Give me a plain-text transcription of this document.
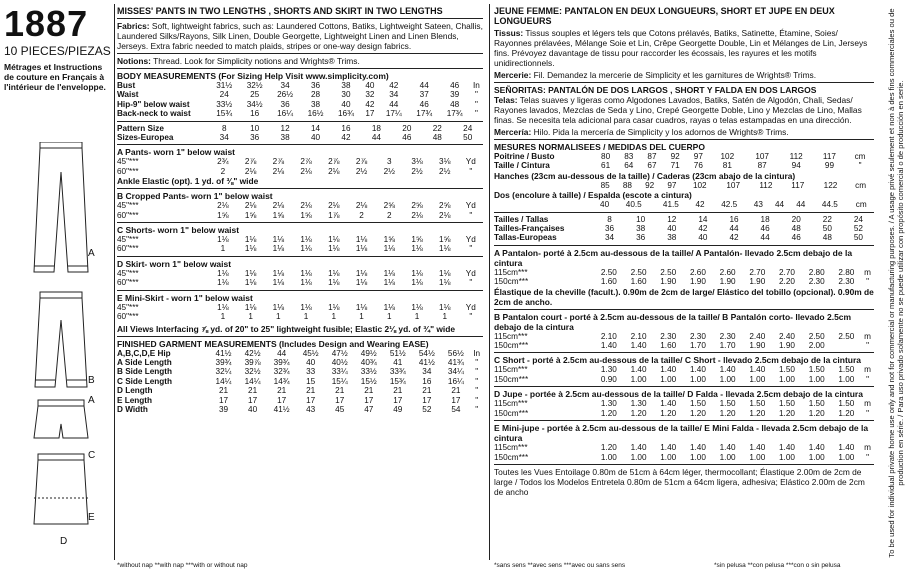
1887
10 PIECES/PIEZAS
Métrages et Instructions de couture en Français à l'intérieur de l'enveloppe.
A
B
A
C
E
D
MISSES' PANTS IN TWO LENGTHS , SHORTS AND SKIRT IN TWO LENGTHS
Fabrics: Soft, lightweight fabrics, such as: Laundered Cottons, Batiks, Lightweight Sateen, Challis, Laundered Silks/Rayons, Silk Linen, Double Georgette, Lightweight Linen and Linen Blends, Jerseys. Extra fabric needed to match plaids, stripes or one-way design fabrics.
Notions: Thread. Look for Simplicity notions and Wrights® Trims.
BODY MEASUREMENTS (For Sizing Help Visit www.simplicity.com)
Bust	31½	32½	34	36	38	40	42	44	46	In
Waist	24	25	26½	28	30	32	34	37	39	"
Hip-9" below waist	33½	34½	36	38	40	42	44	46	48	"
Back-neck to waist	15¾	16	16¼	16½	16¾	17	17¼	17¾	17¾	"
Pattern Size	8	10	12	14	16	18	20	22	24	
Sizes-Europea	34	36	38	40	42	44	46	48	50	
A Pants- worn 1" below waist
45"***	2¾	2⅞	2⅞	2⅞	2⅞	2⅞	3	3⅛	3⅛	Yd
60"***	2	2⅛	2⅛	2⅛	2⅛	2½	2½	2½	2½	"
Ankle Elastic (opt). 1 yd. of ⅜" wide
B Cropped Pants- worn 1" below waist
45"***	2⅛	2⅛	2⅛	2⅛	2⅛	2⅛	2⅝	2⅝	2⅝	Yd
60"***	1⅝	1⅝	1⅝	1⅝	1⅞	2	2	2⅛	2⅛	"
C Shorts- worn 1" below waist
45"***	1⅛	1⅛	1⅛	1⅛	1⅛	1⅛	1⅝	1⅝	1⅝	Yd
60"***	1	1⅛	1⅛	1⅛	1⅛	1⅛	1⅛	1⅛	1⅛	"
D Skirt- worn 1" below waist
45"***	1⅛	1⅛	1⅛	1⅛	1⅛	1⅛	1⅛	1⅛	1⅛	Yd
60"***	1⅛	1⅛	1⅛	1⅛	1⅛	1⅛	1⅛	1⅛	1⅛	"
E Mini-Skirt - worn 1" below waist
45"***	1⅛	1⅛	1⅛	1⅛	1⅛	1⅛	1⅛	1⅛	1⅛	Yd
60"***	1	1	1	1	1	1	1	1	1	"
All Views Interfacing ⅞ yd. of 20" to 25" lightweight fusible; Elastic 2⅛ yd. of ¾" wide
FINISHED GARMENT MEASUREMENTS (Includes Design and Wearing EASE)
A,B,C,D,E Hip	41½	42½	44	45½	47½	49½	51½	54½	56½	In
A Side Length	39¾	39⅞	39¾	40	40½	40¾	41	41½	41¾	"
B Side Length	32¼	32½	32¾	33	33¼	33½	33¾	34	34¼	"
C Side Length	14¼	14¼	14¾	15	15¼	15½	15¾	16	16¼	"
D Length	21	21	21	21	21	21	21	21	21	"
E Length	17	17	17	17	17	17	17	17	17	"
D Width	39	40	41½	43	45	47	49	52	54	"
*without nap **with nap ***with or without nap
JEUNE FEMME: PANTALON EN DEUX LONGUEURS, SHORT ET JUPE EN DEUX LONGUEURS
Tissus: Tissus souples et légers tels que Cotons prélavés, Batiks, Satinette, Étamine, Soies/ Rayonnes prélavées, Mélange Soie et Lin, Crêpe Georgette Double, Lin et Mélanges de Lin, Jerseys fins. Prévoyez davantage de tissu pour raccorder les écossais, les rayures et les motifs unidirectionnels.
Mercerie: Fil. Demandez la mercerie de Simplicity et les garnitures de Wrights® Trims.
SEÑORITAS: PANTALÓN DE DOS LARGOS , SHORT Y FALDA EN DOS LARGOS
Telas: Telas suaves y ligeras como Algodones Lavados, Batiks, Satén de Algodón, Chali, Sedas/ Rayones lavados, Mezclas de Seda y Lino, Crepé Georgette Doble, Lino y Mezclas de Lino, Mallas finas. Se necesita tela adicional para casar cuadros, rayas o telas estampadas en una dirección.
Mercería: Hilo. Pida la mercería de Simplicity y los adornos de Wrights® Trims.
MESURES NORMALISEES / MEDIDAS DEL CUERPO
Poitrine / Busto	80	83	87	92	97	102	107	112	117	cm
Taille / Cintura	61	64	67	71	76	81	87	94	99	"
Hanches (23cm au-dessous de la taille) / Caderas (23cm abajo de la cintura)
	85	88	92	97	102	107	112	117	122	cm
Dos (encolure à taille) / Espalda (escote a cintura)
	40	40.5	41.5	42	42.5	43	44	44	44.5	cm
Tailles / Tallas	8	10	12	14	16	18	20	22	24	
Tailles-Françaises	36	38	40	42	44	46	48	50	52	
Tallas-Europeas	34	36	38	40	42	44	46	48	50	
A Pantalon- porté à 2.5cm au-dessous de la taille/ A Pantalón- llevado 2.5cm debajo de la cintura
115cm***	2.50	2.50	2.50	2.60	2.60	2.70	2.70	2.80	2.80	m
150cm***	1.60	1.60	1.90	1.90	1.90	1.90	2.20	2.30	2.30	"
Élastique de la cheville (facult.). 0.90m de 2cm de large/ Elástico del tobillo (opcional). 0.90m de 2cm de ancho.
B Pantalon court - porté à 2.5cm au-dessous de la taille/ B Pantalón corto- llevado 2.5cm debajo de la cintura
115cm***	2.10	2.10	2.30	2.30	2.30	2.40	2.40	2.50	2.50	m
150cm***	1.40	1.40	1.60	1.70	1.70	1.90	1.90	2.00		"
C Short - porté à 2.5cm au-dessous de la taille/ C Short - llevado 2.5cm debajo de la cintura
115cm***	1.30	1.40	1.40	1.40	1.40	1.40	1.50	1.50	1.50	m
150cm***	0.90	1.00	1.00	1.00	1.00	1.00	1.00	1.00	1.00	"
D Jupe - portée à 2.5cm au-dessous de la taille/ D Falda - llevada 2.5cm debajo de la cintura
115cm***	1.30	1.30	1.40	1.50	1.50	1.50	1.50	1.50	1.50	m
150cm***	1.20	1.20	1.20	1.20	1.20	1.20	1.20	1.20	1.20	"
E Mini-jupe - portée à 2.5cm au-dessous de la taille/ E Mini Falda - llevada 2.5cm debajo de la cintura
115cm***	1.20	1.40	1.40	1.40	1.40	1.40	1.40	1.40	1.40	m
150cm***	1.00	1.00	1.00	1.00	1.00	1.00	1.00	1.00	1.00	"
Toutes les Vues Entoilage 0.80m de 51cm à 64cm léger, thermocollant; Élastique 2.00m de 2cm de large / Todos los Modelos Entretela 0.80m de 51cm a 64cm ligera, adhesiva; Elástico 2.00m de 2cm de ancho
*sans sens **avec sens ***avec ou sans sens	*sin pelusa **con pelusa ***con o sin pelusa
To be used for individual private home use only and not for commercial or manufacturing purposes. / A usage privé seulement et non à des fins commerciales ou de production en série. / Para uso privado solamente no se puede utilizar con propósito comercial o de producción en serie.
